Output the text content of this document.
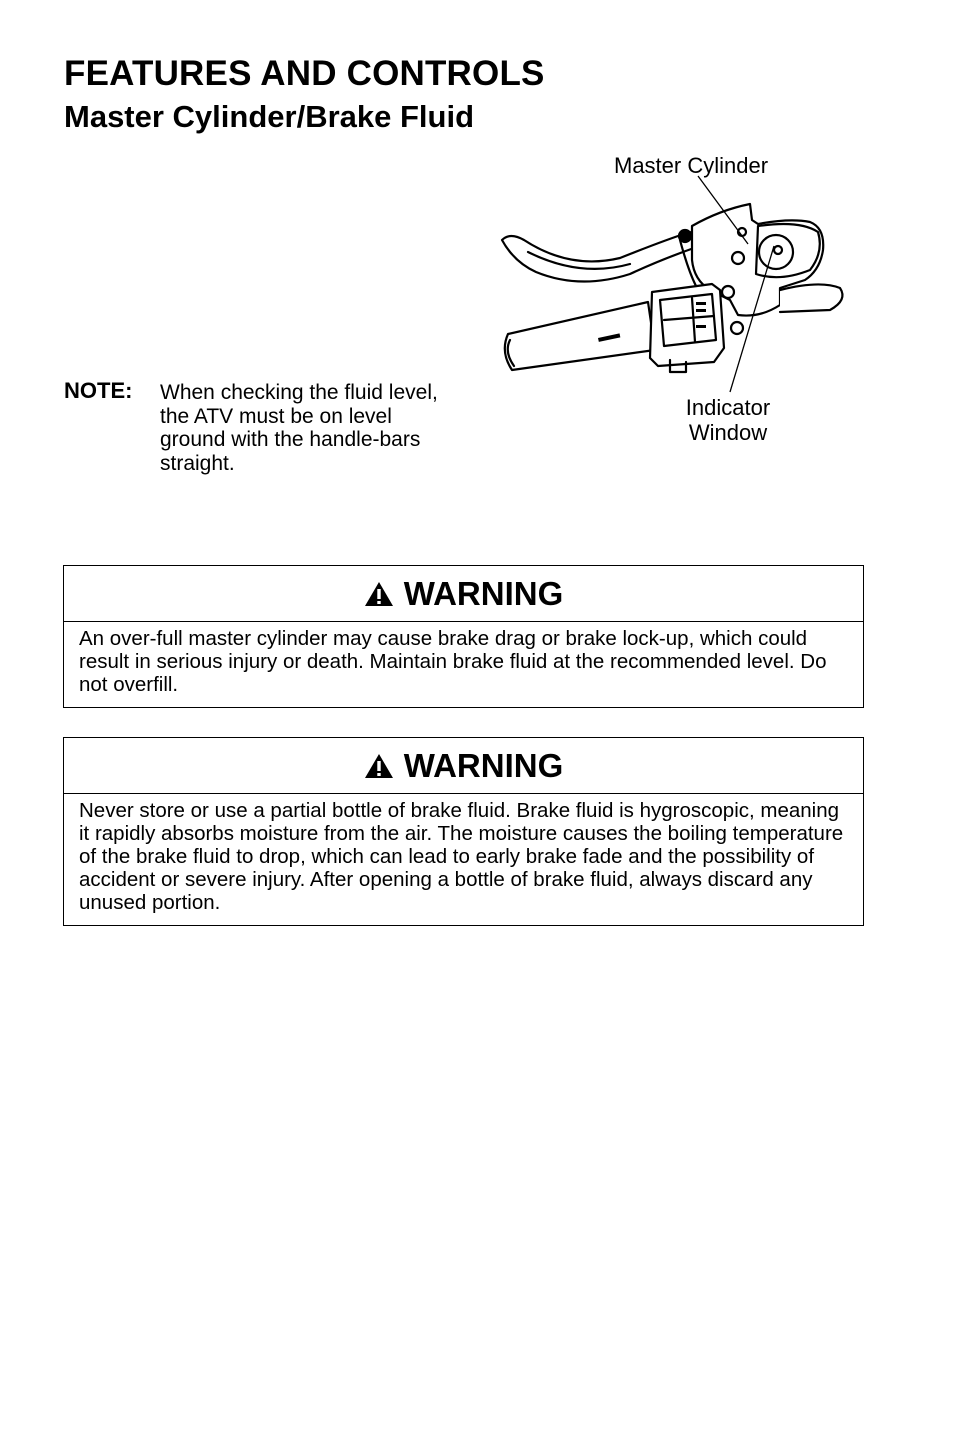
FEATURES AND CONTROLS
Master Cylinder/Brake Fluid
NOTE: When checking the fluid level, the ATV must be on level ground with the handle-bars straight.
Master Cylinder
Indicator Window
WARNING
An over-full master cylinder may cause brake drag or brake lock-up, which could result in serious injury or death. Maintain brake fluid at the recommended level. Do not overfill.
WARNING
Never store or use a partial bottle of brake fluid. Brake fluid is hygroscopic, meaning it rapidly absorbs moisture from the air. The moisture causes the boiling temperature of the brake fluid to drop, which can lead to early brake fade and the possibility of accident or severe injury. After opening a bottle of brake fluid, always discard any unused portion.
